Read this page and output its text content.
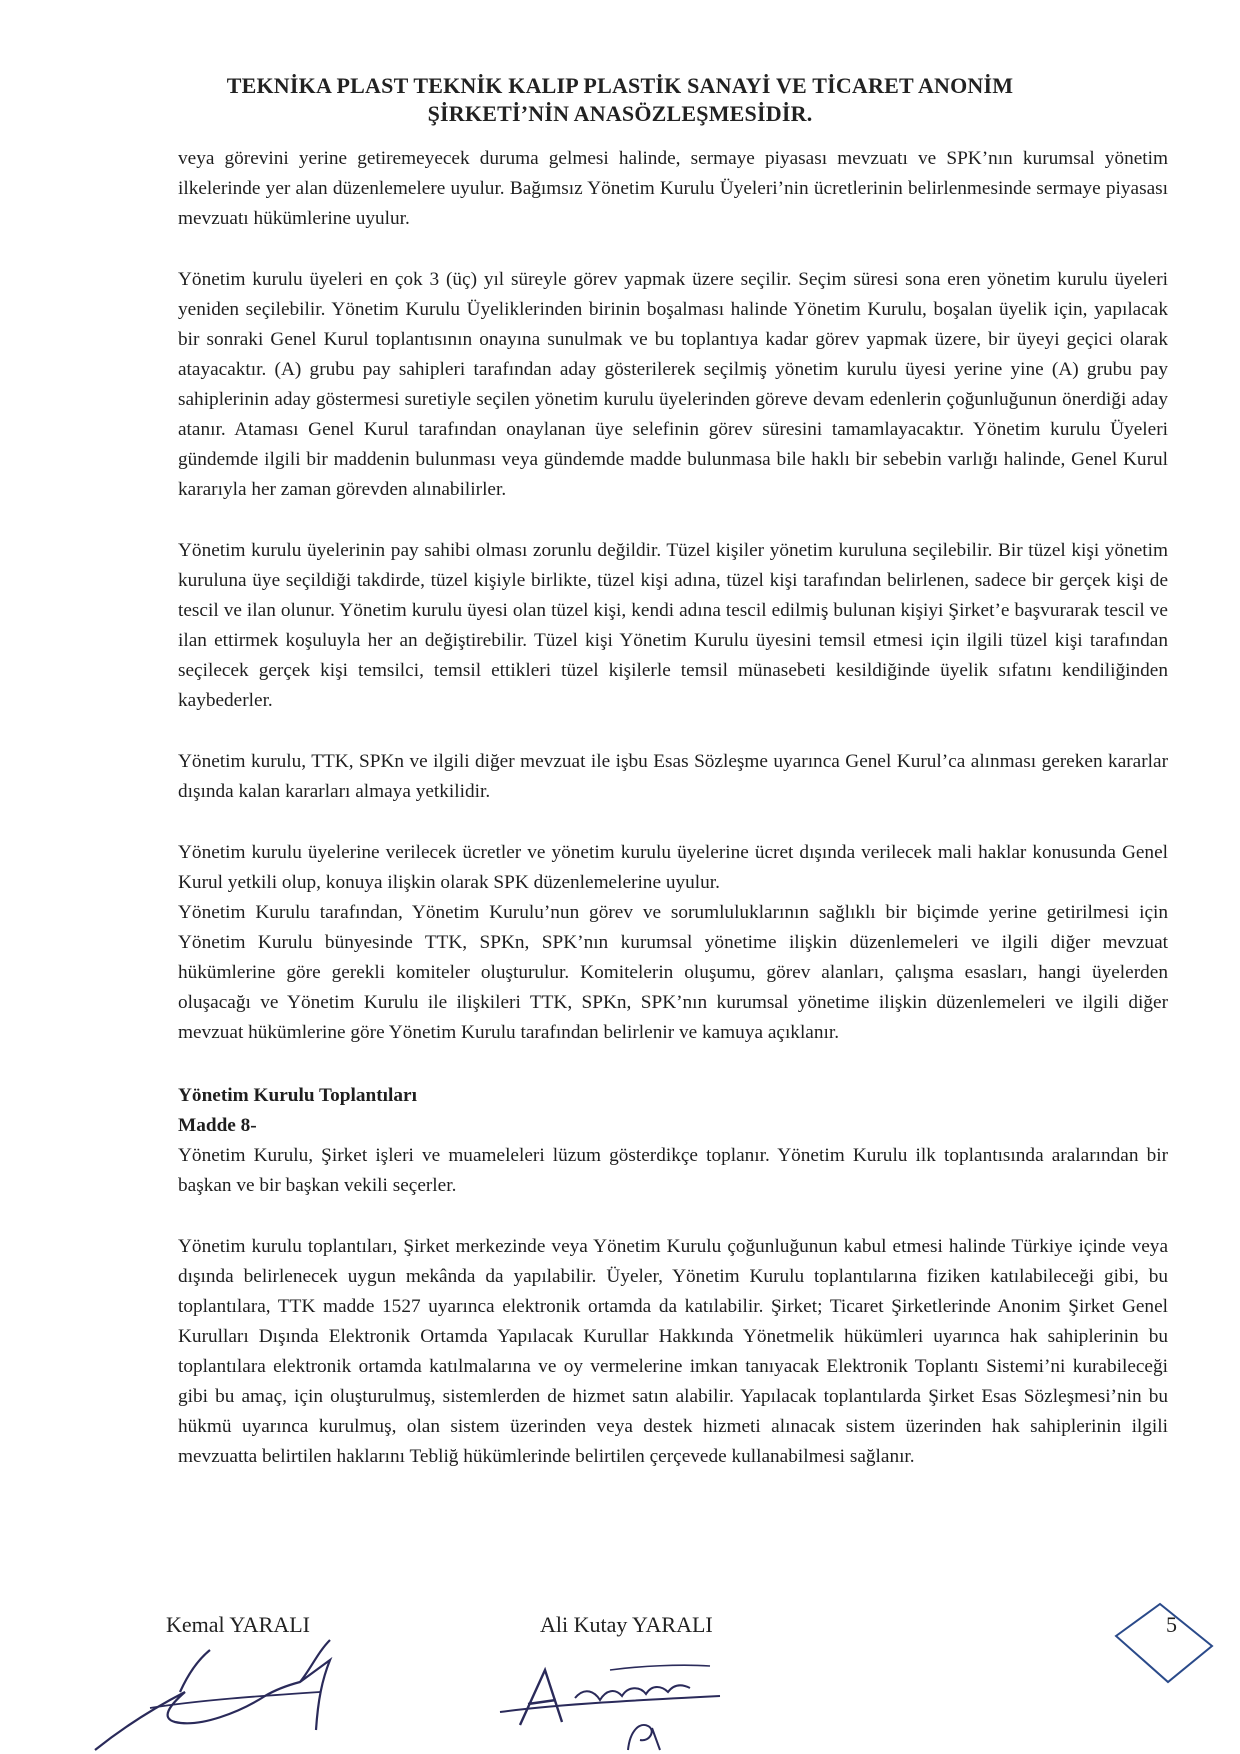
TEKNİKA PLAST TEKNİK KALIP PLASTİK SANAYİ VE TİCARET ANONİM
ŞİRKETİ’NİN ANASÖZLEŞMESİDİR.

veya görevini yerine getiremeyecek duruma gelmesi halinde, sermaye piyasası mevzuatı ve SPK’nın kurumsal yönetim ilkelerinde yer alan düzenlemelere uyulur. Bağımsız Yönetim Kurulu Üyeleri’nin ücretlerinin belirlenmesinde sermaye piyasası mevzuatı hükümlerine uyulur.

Yönetim kurulu üyeleri en çok 3 (üç) yıl süreyle görev yapmak üzere seçilir. Seçim süresi sona eren yönetim kurulu üyeleri yeniden seçilebilir. Yönetim Kurulu Üyeliklerinden birinin boşalması halinde Yönetim Kurulu, boşalan üyelik için, yapılacak bir sonraki Genel Kurul toplantısının onayına sunulmak ve bu toplantıya kadar görev yapmak üzere, bir üyeyi geçici olarak atayacaktır. (A) grubu pay sahipleri tarafından aday gösterilerek seçilmiş yönetim kurulu üyesi yerine yine (A) grubu pay sahiplerinin aday göstermesi suretiyle seçilen yönetim kurulu üyelerinden göreve devam edenlerin çoğunluğunun önerdiği aday atanır. Ataması Genel Kurul tarafından onaylanan üye selefinin görev süresini tamamlayacaktır. Yönetim kurulu Üyeleri gündemde ilgili bir maddenin bulunması veya gündemde madde bulunmasa bile haklı bir sebebin varlığı halinde, Genel Kurul kararıyla her zaman görevden alınabilirler.

Yönetim kurulu üyelerinin pay sahibi olması zorunlu değildir. Tüzel kişiler yönetim kuruluna seçilebilir. Bir tüzel kişi yönetim kuruluna üye seçildiği takdirde, tüzel kişiyle birlikte, tüzel kişi adına, tüzel kişi tarafından belirlenen, sadece bir gerçek kişi de tescil ve ilan olunur. Yönetim kurulu üyesi olan tüzel kişi, kendi adına tescil edilmiş bulunan kişiyi Şirket’e başvurarak tescil ve ilan ettirmek koşuluyla her an değiştirebilir. Tüzel kişi Yönetim Kurulu üyesini temsil etmesi için ilgili tüzel kişi tarafından seçilecek gerçek kişi temsilci, temsil ettikleri tüzel kişilerle temsil münasebeti kesildiğinde üyelik sıfatını kendiliğinden kaybederler.

Yönetim kurulu, TTK, SPKn ve ilgili diğer mevzuat ile işbu Esas Sözleşme uyarınca Genel Kurul’ca alınması gereken kararlar dışında kalan kararları almaya yetkilidir.

Yönetim kurulu üyelerine verilecek ücretler ve yönetim kurulu üyelerine ücret dışında verilecek mali haklar konusunda Genel Kurul yetkili olup, konuya ilişkin olarak SPK düzenlemelerine uyulur.

Yönetim Kurulu tarafından, Yönetim Kurulu’nun görev ve sorumluluklarının sağlıklı bir biçimde yerine getirilmesi için Yönetim Kurulu bünyesinde TTK, SPKn, SPK’nın kurumsal yönetime ilişkin düzenlemeleri ve ilgili diğer mevzuat hükümlerine göre gerekli komiteler oluşturulur. Komitelerin oluşumu, görev alanları, çalışma esasları, hangi üyelerden oluşacağı ve Yönetim Kurulu ile ilişkileri TTK, SPKn, SPK’nın kurumsal yönetime ilişkin düzenlemeleri ve ilgili diğer mevzuat hükümlerine göre Yönetim Kurulu tarafından belirlenir ve kamuya açıklanır.

Yönetim Kurulu Toplantıları

Madde 8-

Yönetim Kurulu, Şirket işleri ve muameleleri lüzum gösterdikçe toplanır. Yönetim Kurulu ilk toplantısında aralarından bir başkan ve bir başkan vekili seçerler.

Yönetim kurulu toplantıları, Şirket merkezinde veya Yönetim Kurulu çoğunluğunun kabul etmesi halinde Türkiye içinde veya dışında belirlenecek uygun mekânda da yapılabilir. Üyeler, Yönetim Kurulu toplantılarına fiziken katılabileceği gibi, bu toplantılara, TTK madde 1527 uyarınca elektronik ortamda da katılabilir. Şirket; Ticaret Şirketlerinde Anonim Şirket Genel Kurulları Dışında Elektronik Ortamda Yapılacak Kurullar Hakkında Yönetmelik hükümleri uyarınca hak sahiplerinin bu toplantılara elektronik ortamda katılmalarına ve oy vermelerine imkan tanıyacak Elektronik Toplantı Sistemi’ni kurabileceği gibi bu amaç, için oluşturulmuş, sistemlerden de hizmet satın alabilir. Yapılacak toplantılarda Şirket Esas Sözleşmesi’nin bu hükmü uyarınca kurulmuş, olan sistem üzerinden veya destek hizmeti alınacak sistem üzerinden hak sahiplerinin ilgili mevzuatta belirtilen haklarını Tebliğ hükümlerinde belirtilen çerçevede kullanabilmesi sağlanır.

Kemal YARALI	Ali Kutay YARALI	5
